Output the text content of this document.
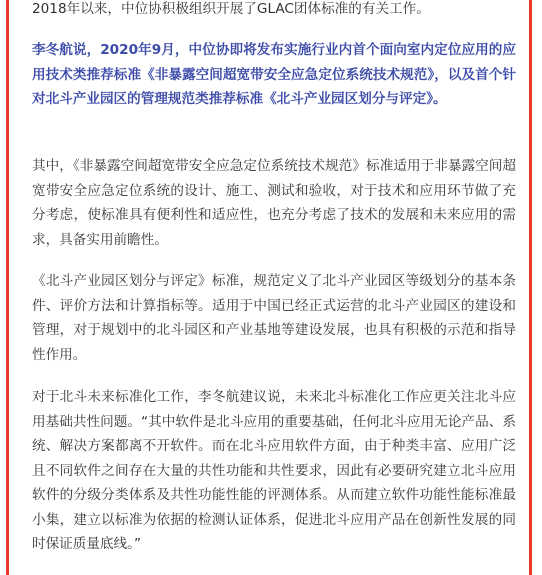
2018年以来，中位协积极组织开展了GLAC团体标准的有关工作。

李冬航说，2020年9月，中位协即将发布实施行业内首个面向室内定位应用的应用技术类推荐标准《非暴露空间超宽带安全应急定位系统技术规范》，以及首个针对北斗产业园区的管理规范类推荐标准《北斗产业园区划分与评定》。

其中，《非暴露空间超宽带安全应急定位系统技术规范》标准适用于非暴露空间超宽带安全应急定位系统的设计、施工、测试和验收，对于技术和应用环节做了充分考虑，使标准具有便利性和适应性，也充分考虑了技术的发展和未来应用的需求，具备实用前瞻性。

《北斗产业园区划分与评定》标准，规范定义了北斗产业园区等级划分的基本条件、评价方法和计算指标等。适用于中国已经正式运营的北斗产业园区的建设和管理，对于规划中的北斗园区和产业基地等建设发展，也具有积极的示范和指导性作用。

对于北斗未来标准化工作，李冬航建议说，未来北斗标准化工作应更关注北斗应用基础共性问题。“其中软件是北斗应用的重要基础，任何北斗应用无论产品、系统、解决方案都离不开软件。而在北斗应用软件方面，由于种类丰富、应用广泛且不同软件之间存在大量的共性功能和共性要求，因此有必要研究建立北斗应用软件的分级分类体系及共性功能性能的评测体系。从而建立软件功能性能标准最小集，建立以标准为依据的检测认证体系，促进北斗应用产品在创新性发展的同时保证质量底线。”
